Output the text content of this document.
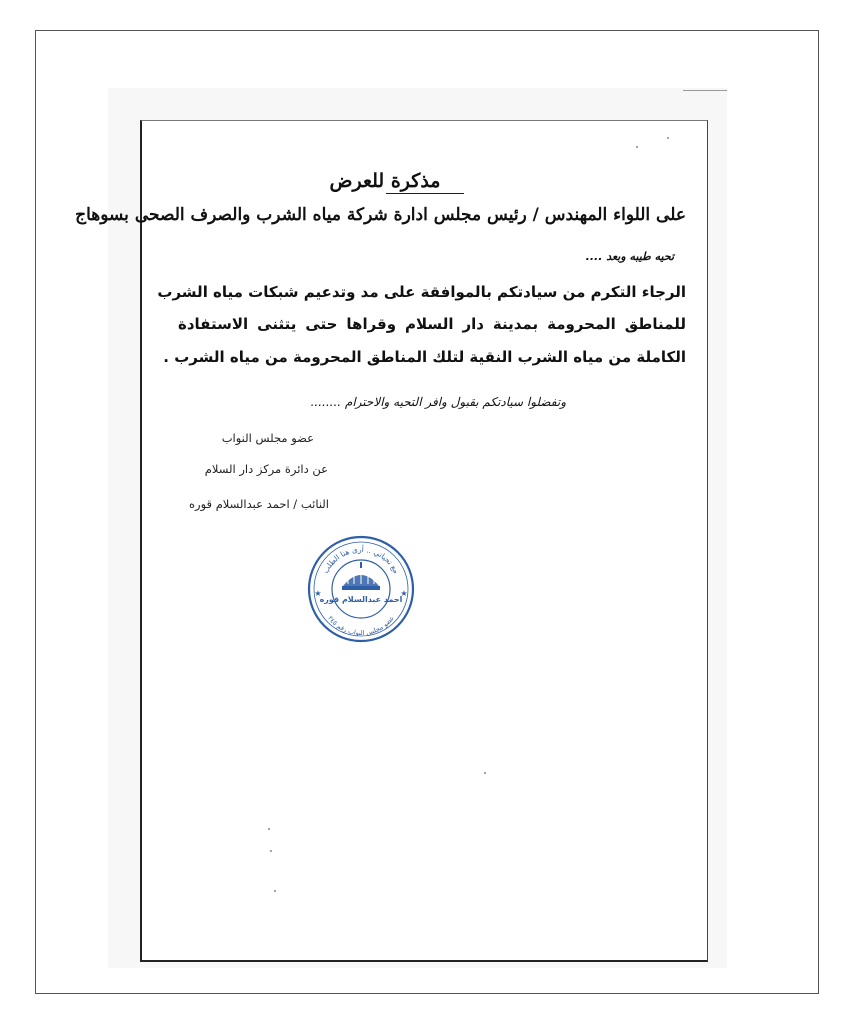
مذكرة للعرض
على اللواء المهندس / رئيس مجلس ادارة شركة مياه الشرب والصرف الصحى بسوهاج
تحيه طيبه وبعد ....
الرجاء التكرم من سيادتكم بالموافقة على مد وتدعيم شبكات مياه الشرب
للمناطق المحرومة بمدينة دار السلام وقراها حتى يتثنى الاستفادة
الكاملة من مياه الشرب النقية لتلك المناطق المحرومة من مياه الشرب .
وتفضلوا سيادتكم بقبول وافر التحيه والاحترام ........
عضو مجلس النواب
عن دائرة مركز دار السلام
النائب / احمد عبدالسلام قوره
مع تحياتي .. أرى هنا الطلب
عضو مجلس النواب رقم ٢٤٥
احمد عبدالسلام قوره
★	★
